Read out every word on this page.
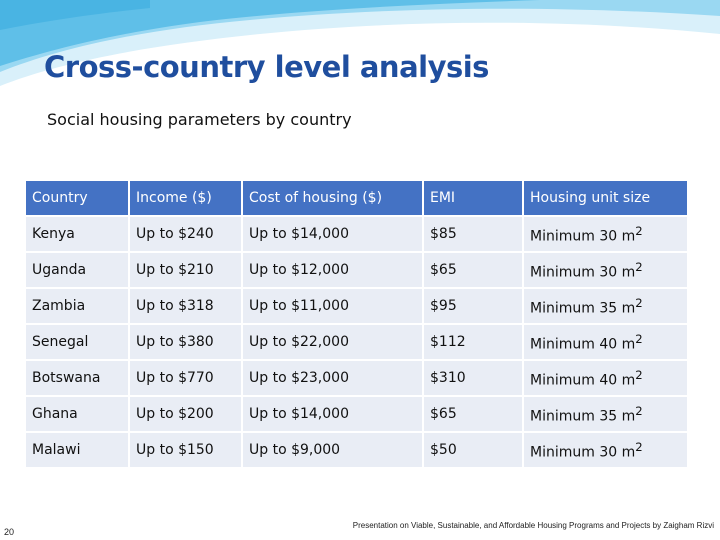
Cross-country level analysis
Social housing parameters by country
Country	Income ($)	Cost of housing ($)	EMI	Housing unit size
Kenya	Up to $240	Up to $14,000	$85	Minimum 30 $m^2$
Uganda	Up to $210	Up to $12,000	$65	Minimum 30 $m^2$
Zambia	Up to $318	Up to $11,000	$95	Minimum 35 $m^2$
Senegal	Up to $380	Up to $22,000	$112	Minimum 40 $m^2$
Botswana	Up to $770	Up to $23,000	$310	Minimum 40 $m^2$
Ghana	Up to $200	Up to $14,000	$65	Minimum 35 $m^2$
Malawi	Up to $150	Up to $9,000	$50	Minimum 30 $m^2$
20
Presentation on Viable, Sustainable, and Affordable Housing Programs and Projects by Zaigham Rizvi
